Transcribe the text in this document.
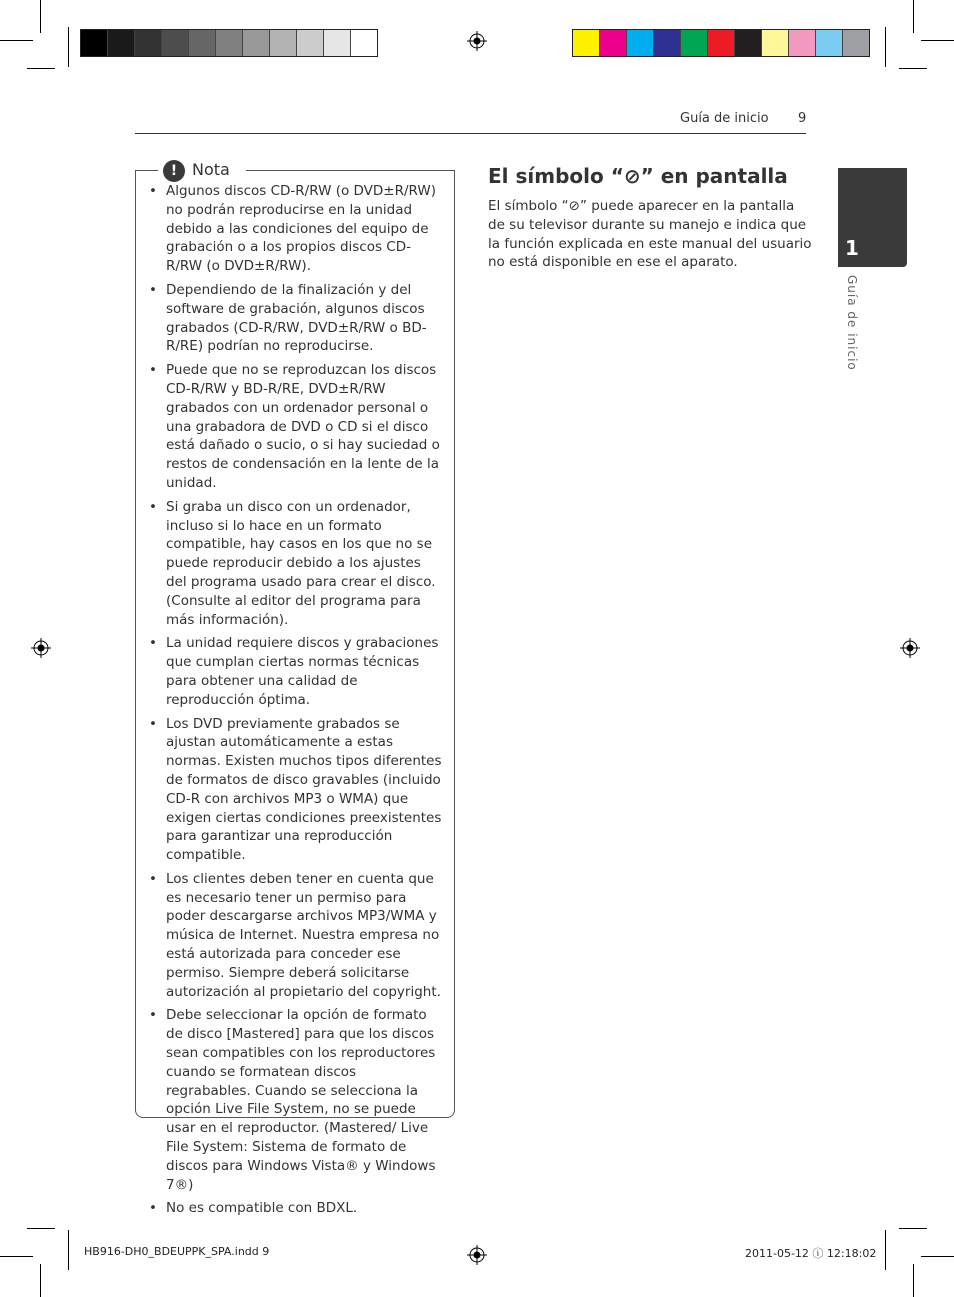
Guía de inicio 9
1
Guía de inicio
! Nota
• Algunos discos CD-R/RW (o DVD±R/RW) no podrán reproducirse en la unidad debido a las condiciones del equipo de grabación o a los propios discos CD-R/RW (o DVD±R/RW).
• Dependiendo de la finalización y del software de grabación, algunos discos grabados (CD-R/RW, DVD±R/RW o BD-R/RE) podrían no reproducirse.
• Puede que no se reproduzcan los discos CD-R/RW y BD-R/RE, DVD±R/RW grabados con un ordenador personal o una grabadora de DVD o CD si el disco está dañado o sucio, o si hay suciedad o restos de condensación en la lente de la unidad.
• Si graba un disco con un ordenador, incluso si lo hace en un formato compatible, hay casos en los que no se puede reproducir debido a los ajustes del programa usado para crear el disco. (Consulte al editor del programa para más información).
• La unidad requiere discos y grabaciones que cumplan ciertas normas técnicas para obtener una calidad de reproducción óptima.
• Los DVD previamente grabados se ajustan automáticamente a estas normas. Existen muchos tipos diferentes de formatos de disco gravables (incluido CD-R con archivos MP3 o WMA) que exigen ciertas condiciones preexistentes para garantizar una reproducción compatible.
• Los clientes deben tener en cuenta que es necesario tener un permiso para poder descargarse archivos MP3/WMA y música de Internet. Nuestra empresa no está autorizada para conceder ese permiso. Siempre deberá solicitarse autorización al propietario del copyright.
• Debe seleccionar la opción de formato de disco [Mastered] para que los discos sean compatibles con los reproductores cuando se formatean discos regrabables. Cuando se selecciona la opción Live File System, no se puede usar en el reproductor. (Mastered/ Live File System: Sistema de formato de discos para Windows Vista® y Windows 7®)
• No es compatible con BDXL.
El símbolo “⊘” en pantalla
El símbolo “⊘” puede aparecer en la pantalla de su televisor durante su manejo e indica que la función explicada en este manual del usuario no está disponible en ese el aparato.
HB916-DH0_BDEUPPK_SPA.indd 9	2011-05-12 ⓘ 12:18:02
